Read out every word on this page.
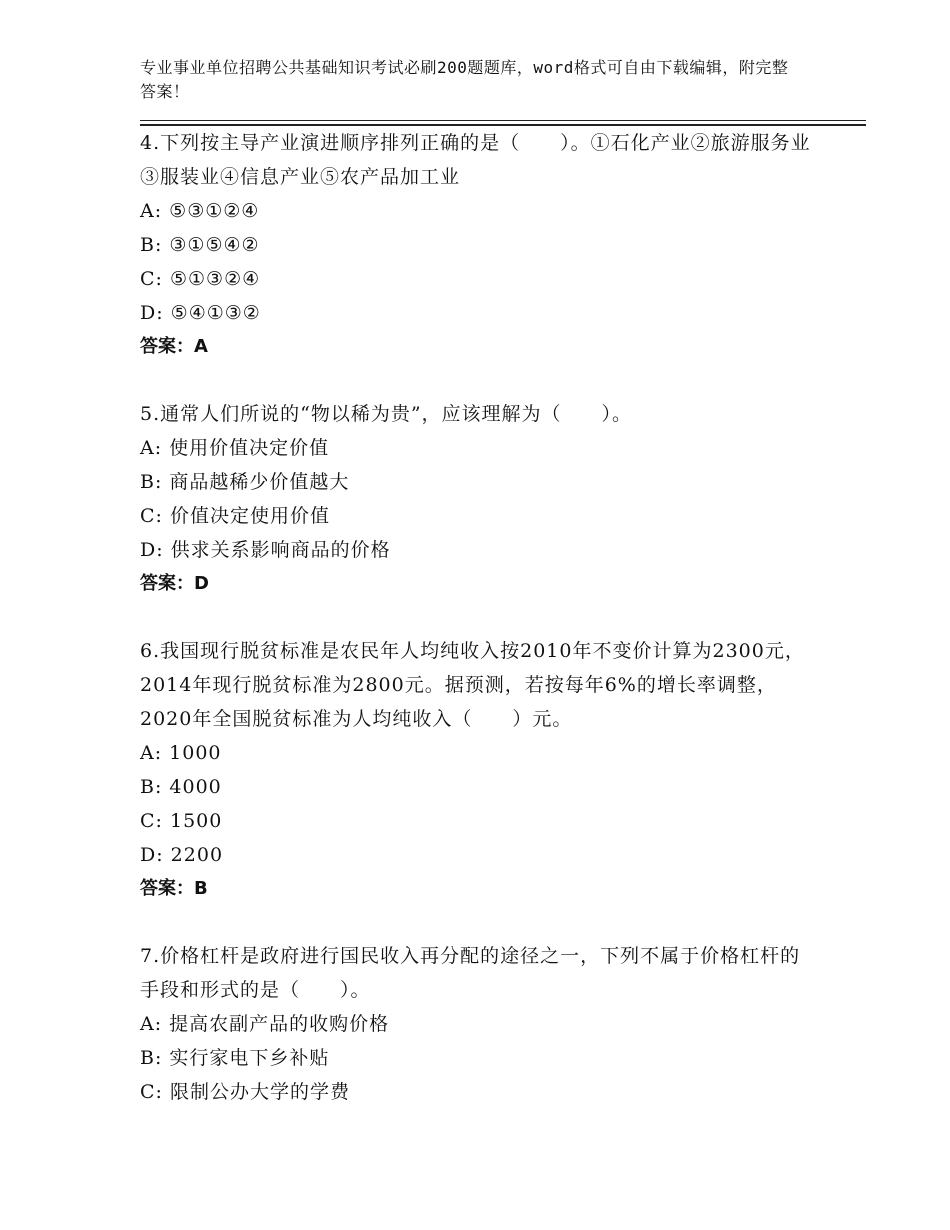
专业事业单位招聘公共基础知识考试必刷200题题库，word格式可自由下载编辑，附完整答案！

4.下列按主导产业演进顺序排列正确的是（　　）。①石化产业②旅游服务业③服装业④信息产业⑤农产品加工业

A: ⑤③①②④

B: ③①⑤④②

C: ⑤①③②④

D: ⑤④①③②

答案：A

5.通常人们所说的“物以稀为贵”，应该理解为（　　）。

A: 使用价值决定价值

B: 商品越稀少价值越大

C: 价值决定使用价值

D: 供求关系影响商品的价格

答案：D

6.我国现行脱贫标准是农民年人均纯收入按2010年不变价计算为2300元，2014年现行脱贫标准为2800元。据预测，若按每年6%的增长率调整，2020年全国脱贫标准为人均纯收入（　　）元。

A: 1000

B: 4000

C: 1500

D: 2200

答案：B

7.价格杠杆是政府进行国民收入再分配的途径之一，下列不属于价格杠杆的手段和形式的是（　　）。

A: 提高农副产品的收购价格

B: 实行家电下乡补贴

C: 限制公办大学的学费
